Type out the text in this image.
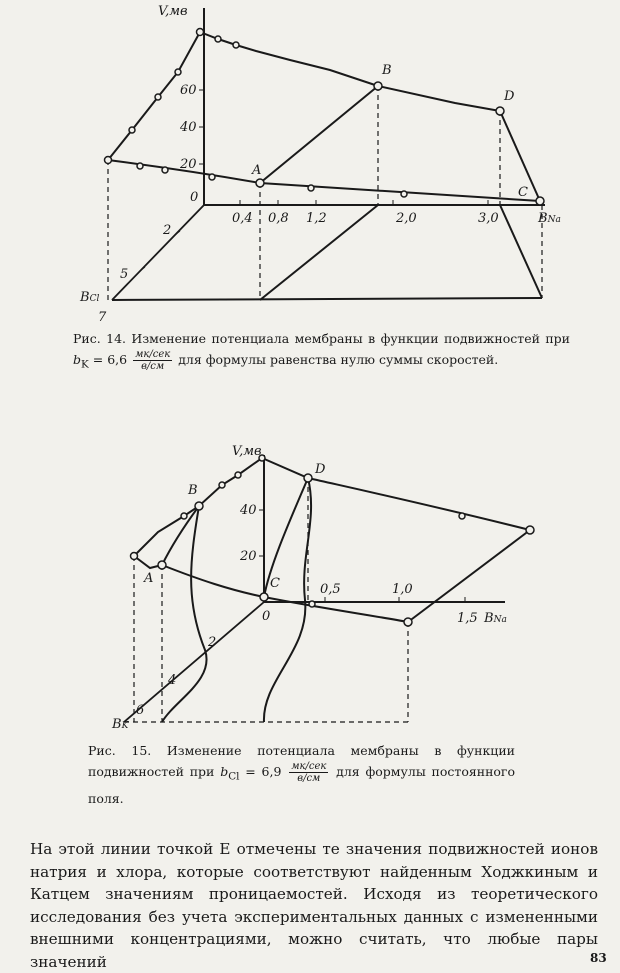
V,мв
60
40
20
0
0,4 0,8 1,2	2,0	3,0
2
5
7
BCl
BNa
A
B
C
D
V,мв
40
20
0
0,5	1,0
1,5 BNa
2
4
6
BK
A
B
C
D
Рис. 14. Изменение потенциала мембраны в функции подвижностей при $b_K = 6,6 \frac{\text{мк/сек}}{в/см}$ для формулы равенства нулю суммы скоростей.
Рис. 15. Изменение потенциала мембраны в функции подвижностей при $b_{Cl} = 6,9 \frac{\text{мк/сек}}{в/см}$ для формулы постоянного поля.
На этой линии точкой E отмечены те значения подвижностей ионов натрия и хлора, которые соответствуют найденным Ходжкиным и Катцем значениям проницаемостей. Исходя из теоретического исследования без учета экспериментальных данных с измененными внешними концентрациями, можно считать, что любые пары значений	83
